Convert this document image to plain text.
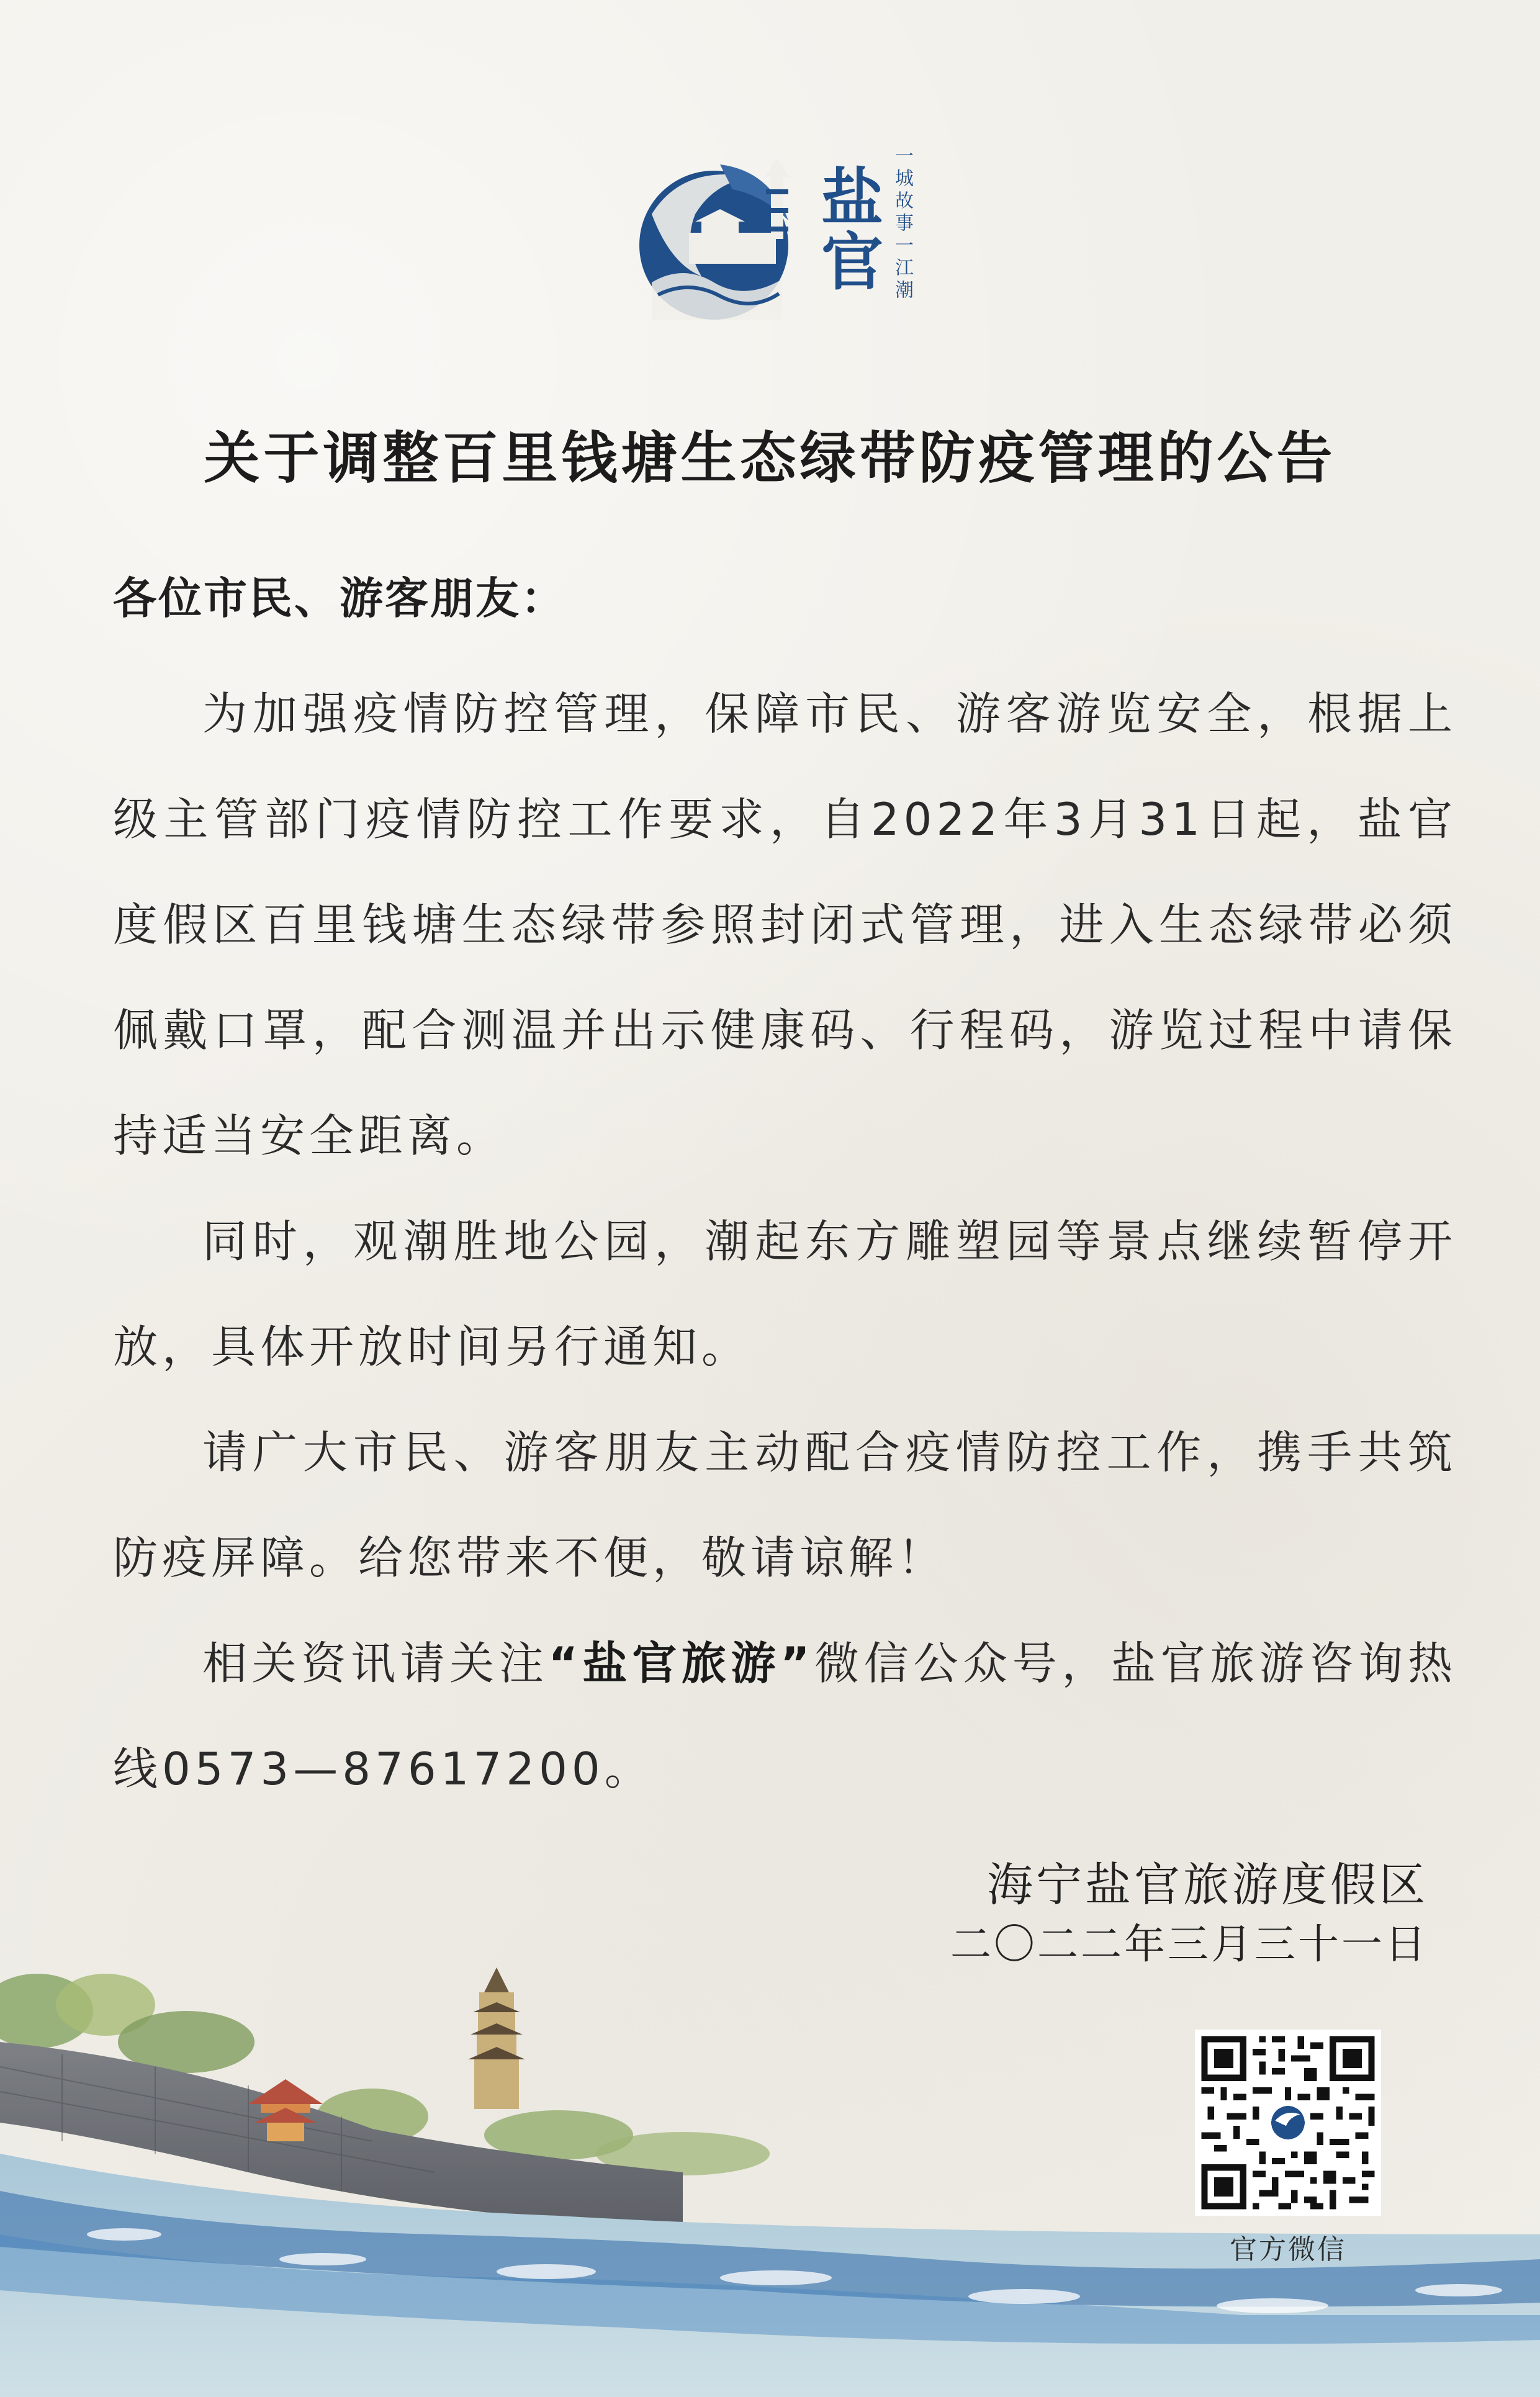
盐官 一城故事一江潮
关于调整百里钱塘生态绿带防疫管理的公告
各位市民、游客朋友：

为加强疫情防控管理，保障市民、游客游览安全，根据上级主管部门疫情防控工作要求，自2022年3月31日起，盐官度假区百里钱塘生态绿带参照封闭式管理，进入生态绿带必须佩戴口罩，配合测温并出示健康码、行程码，游览过程中请保持适当安全距离。

同时，观潮胜地公园，潮起东方雕塑园等景点继续暂停开放，具体开放时间另行通知。

请广大市民、游客朋友主动配合疫情防控工作，携手共筑防疫屏障。给您带来不便，敬请谅解！

相关资讯请关注“盐官旅游”微信公众号，盐官旅游咨询热线0573—87617200。

海宁盐官旅游度假区
二〇二二年三月三十一日
官方微信
